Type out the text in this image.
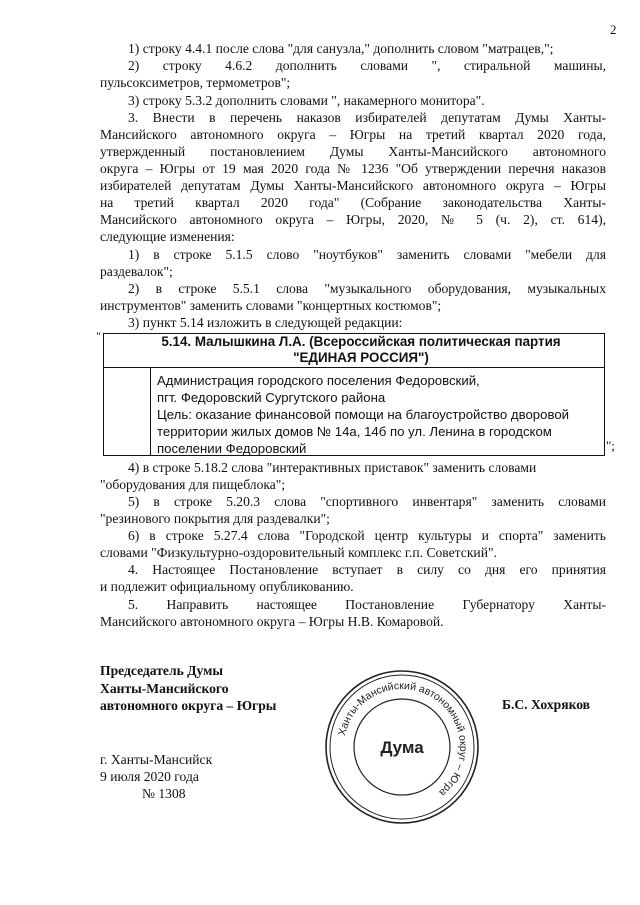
2
1) строку 4.4.1 после слова "для санузла," дополнить словом "матрацев,";
2) строку 4.6.2 дополнить словами ", стиральной машины,
пульсоксиметров, термометров";
3) строку 5.3.2 дополнить словами ", накамерного монитора".
3. Внести в перечень наказов избирателей депутатам Думы Ханты-
Мансийского автономного округа – Югры на третий квартал 2020 года,
утвержденный постановлением Думы Ханты-Мансийского автономного
округа – Югры от 19 мая 2020 года № 1236 "Об утверждении перечня наказов
избирателей депутатам Думы Ханты-Мансийского автономного округа – Югры
на третий квартал 2020 года" (Собрание законодательства Ханты-
Мансийского автономного округа – Югры, 2020, № 5 (ч. 2), ст. 614),
следующие изменения:
1) в строке 5.1.5 слово "ноутбуков" заменить словами "мебели для
раздевалок";
2) в строке 5.5.1 слова "музыкального оборудования, музыкальных
инструментов" заменить словами "концертных костюмов";
3) пункт 5.14 изложить в следующей редакции:
4) в строке 5.18.2 слова "интерактивных приставок" заменить словами
"оборудования для пищеблока";
5) в строке 5.20.3 слова "спортивного инвентаря" заменить словами
"резинового покрытия для раздевалки";
6) в строке 5.27.4 слова "Городской центр культуры и спорта" заменить
словами "Физкультурно-оздоровительный комплекс г.п. Советский".
4. Настоящее Постановление вступает в силу со дня его принятия
и подлежит официальному опубликованию.
5. Направить настоящее Постановление Губернатору Ханты-
Мансийского автономного округа – Югры Н.В. Комаровой.
"	5.14. Малышкина Л.А. (Всероссийская политическая партия
"ЕДИНАЯ РОССИЯ")
Администрация городского поселения Федоровский,
пгт. Федоровский Сургутского района
Цель: оказание финансовой помощи на благоустройство дворовой
территории жилых домов № 14а, 14б по ул. Ленина в городском
поселении Федоровский	";
Председатель Думы
Ханты-Мансийского
автономного округа – Югры	Б.С. Хохряков
г. Ханты-Мансийск
9 июля 2020 года
№ 1308
Ханты-Мансийский автономный округ – Югра
Дума
